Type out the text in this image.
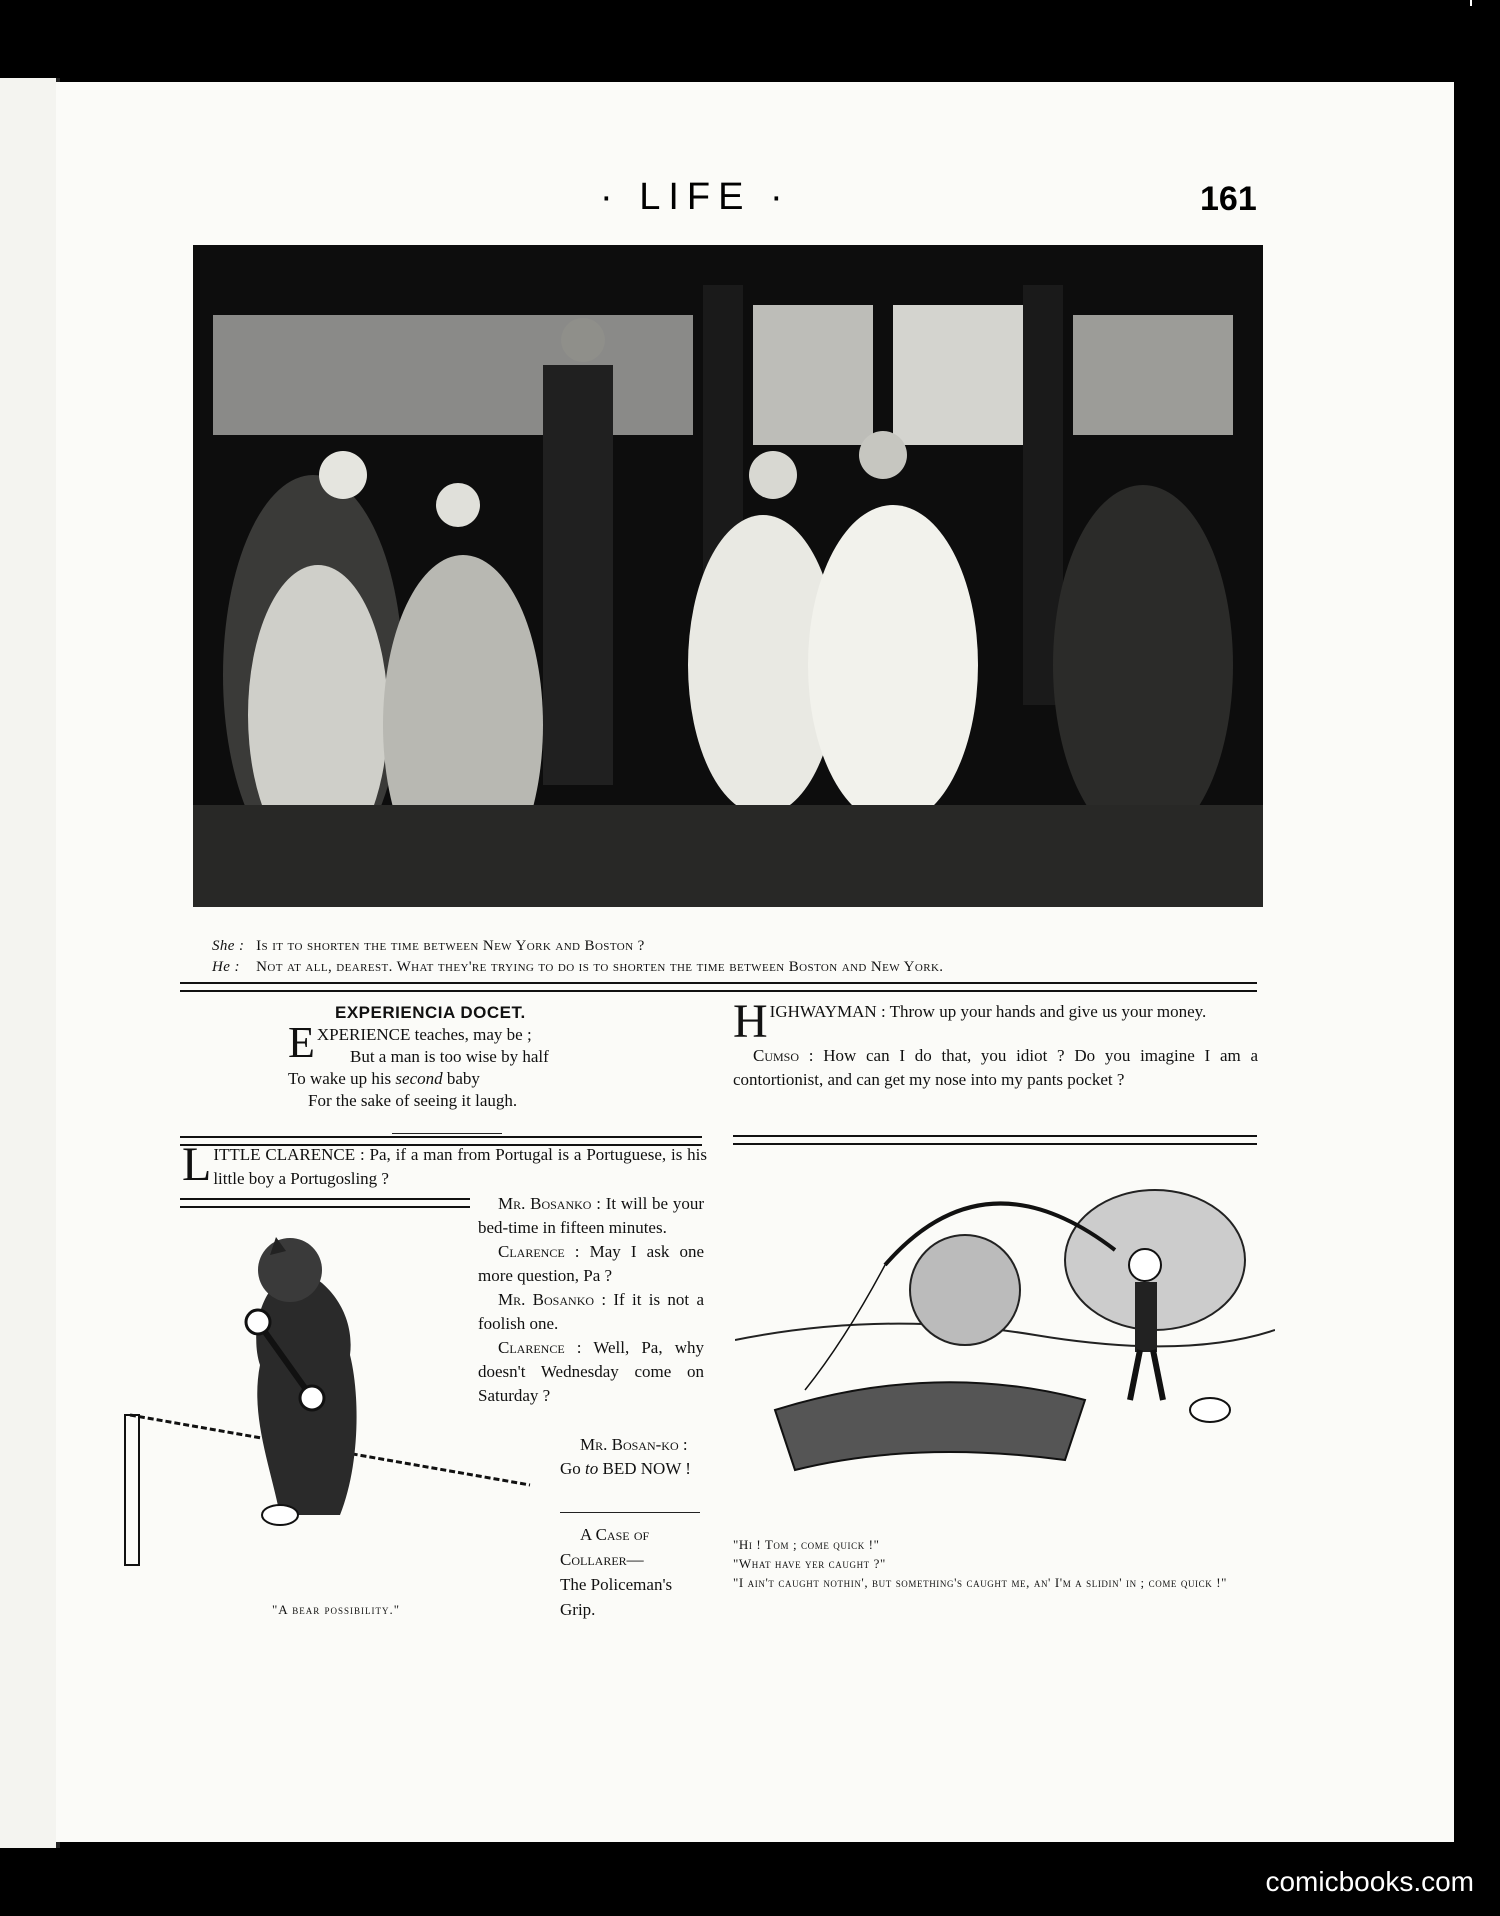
· LIFE ·	161
She : Is it to shorten the time between New York and Boston ?
He : Not at all, dearest. What they're trying to do is to shorten the time between Boston and New York.
EXPERIENCIA DOCET.
E XPERIENCE teaches, may be ;
But a man is too wise by half
To wake up his second baby
For the sake of seeing it laugh.
L ITTLE CLARENCE : Pa, if a man from Portugal is a Portuguese, is his little boy a Portugosling ?
Mr. Bosanko : It will be your bed-time in fifteen minutes.
Clarence : May I ask one more question, Pa ?
Mr. Bosanko : If it is not a foolish one.
Clarence : Well, Pa, why doesn't Wednesday come on Saturday ?
Mr. Bosan-ko : Go to BED NOW !
A Case of Collarer—
The Policeman's Grip.
"A bear possibility."
H IGHWAYMAN : Throw up your hands and give us your money.
Cumso : How can I do that, you idiot ? Do you imagine I am a contortionist, and can get my nose into my pants pocket ?
"Hi ! Tom ; come quick !"
"What have yer caught ?"
"I ain't caught nothin', but something's caught me, an' I'm a slidin' in ; come quick !"
comicbooks.com
